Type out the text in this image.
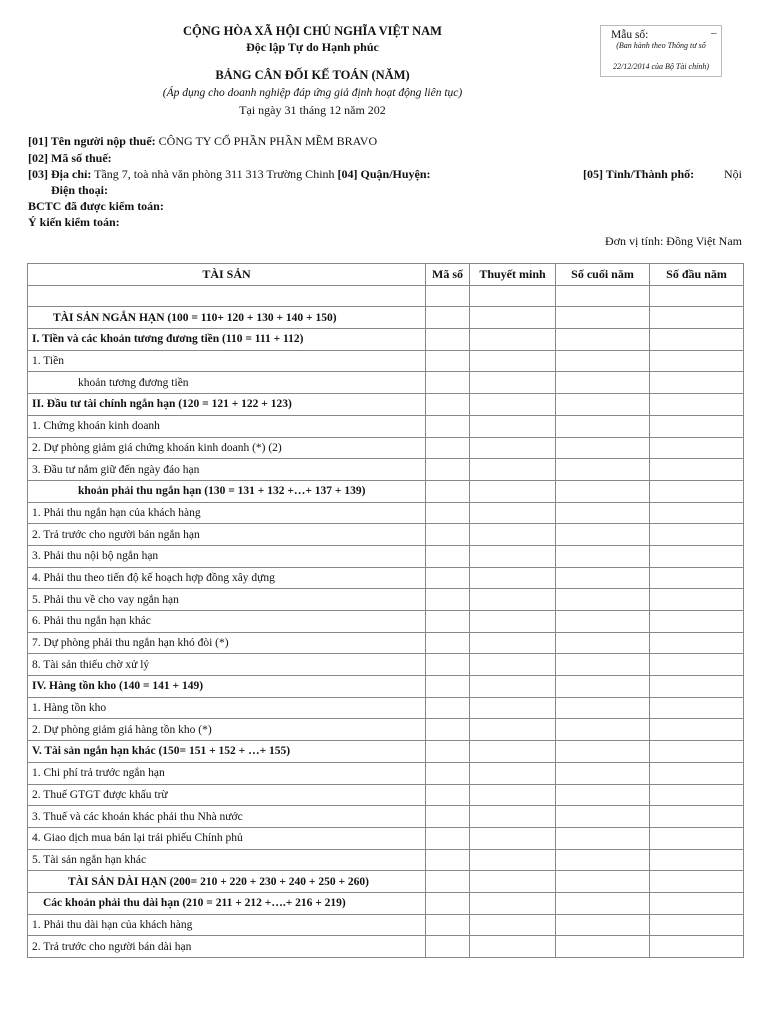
CỘNG HÒA XÃ HỘI CHỦ NGHĨA VIỆT NAM
Độc lập Tự do Hạnh phúc
Mẫu số:	–
(Ban hành theo Thông tư số
22/12/2014 của Bộ Tài chính)
BẢNG CÂN ĐỐI KẾ TOÁN (NĂM)
(Áp dụng cho doanh nghiệp đáp ứng giả định hoạt động liên tục)
Tại ngày 31 tháng 12 năm 202
[01] Tên người nộp thuế: CÔNG TY CỔ PHẦN PHẦN MỀM BRAVO
[02] Mã số thuế:
[03] Địa chỉ: Tầng 7, toà nhà văn phòng 311 313 Trường Chinh [04] Quận/Huyện:	[05] Tỉnh/Thành phố: Nội
Điện thoại:
BCTC đã được kiểm toán:
Ý kiến kiểm toán:
Đơn vị tính: Đồng Việt Nam
TÀI SẢN	Mã số	Thuyết minh	Số cuối năm	Số đầu năm

TÀI SẢN NGẮN HẠN (100 = 110+ 120 + 130 + 140 + 150)				
I. Tiền và các khoản tương đương tiền (110 = 111 + 112)				
1. Tiền				
khoản tương đương tiền				
II. Đầu tư tài chính ngắn hạn (120 = 121 + 122 + 123)				
1. Chứng khoán kinh doanh				
2. Dự phòng giảm giá chứng khoán kinh doanh (*) (2)				
3. Đầu tư nắm giữ đến ngày đáo hạn				
khoản phải thu ngắn hạn (130 = 131 + 132 +…+ 137 + 139)				
1. Phải thu ngắn hạn của khách hàng				
2. Trả trước cho người bán ngắn hạn				
3. Phải thu nội bộ ngắn hạn				
4. Phải thu theo tiến độ kế hoạch hợp đồng xây dựng				
5. Phải thu về cho vay ngắn hạn				
6. Phải thu ngắn hạn khác				
7. Dự phòng phải thu ngắn hạn khó đòi (*)				
8. Tài sản thiếu chờ xử lý				
IV. Hàng tồn kho (140 = 141 + 149)				
1. Hàng tồn kho				
2. Dự phòng giảm giá hàng tồn kho (*)				
V. Tài sản ngắn hạn khác (150= 151 + 152 + …+ 155)				
1. Chi phí trả trước ngắn hạn				
2. Thuế GTGT được khấu trừ				
3. Thuế và các khoản khác phải thu Nhà nước				
4. Giao dịch mua bán lại trái phiếu Chính phủ				
5. Tài sản ngắn hạn khác				
TÀI SẢN DÀI HẠN (200= 210 + 220 + 230 + 240 + 250 + 260)				
Các khoản phải thu dài hạn (210 = 211 + 212 +….+ 216 + 219)				
1. Phải thu dài hạn của khách hàng				
2. Trả trước cho người bán dài hạn				
